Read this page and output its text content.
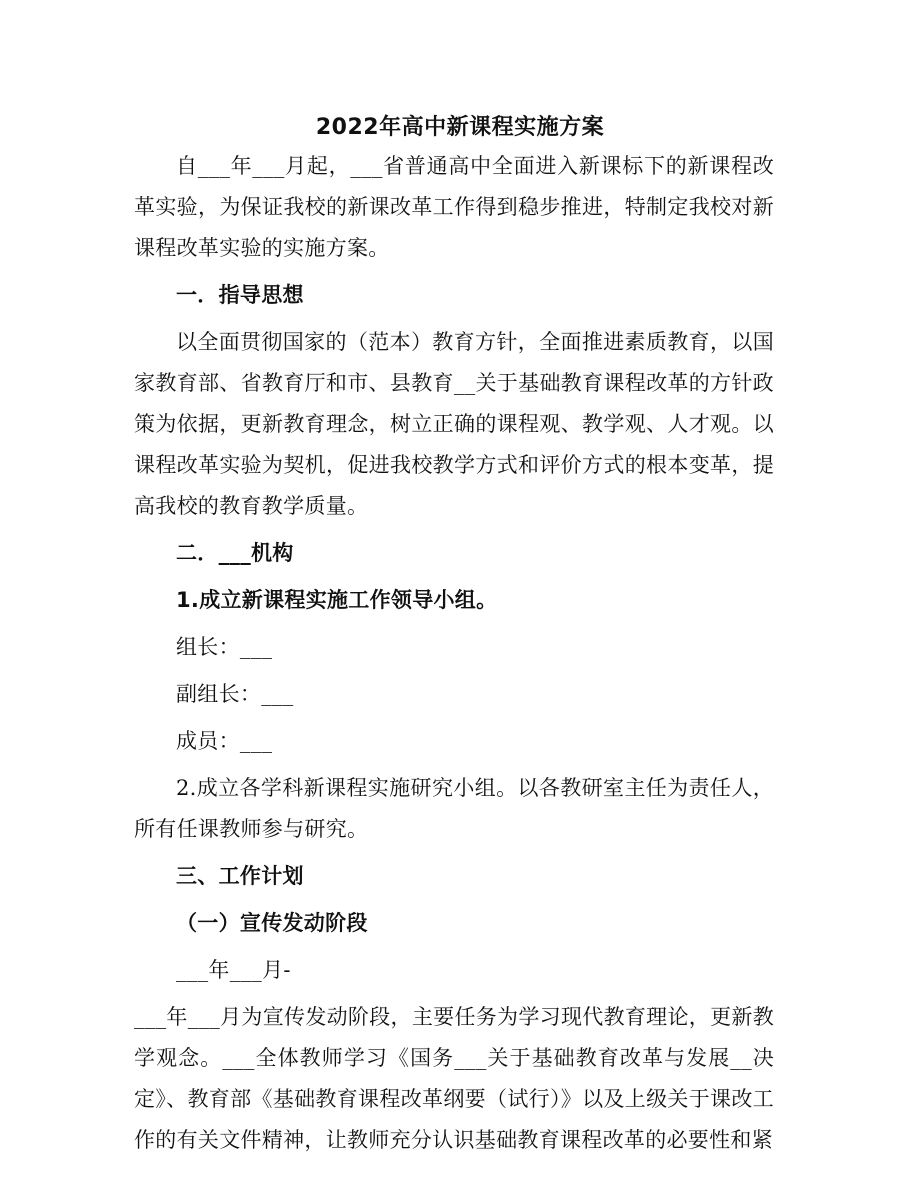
2022年高中新课程实施方案

自___年___月起，___省普通高中全面进入新课标下的新课程改革实验，为保证我校的新课改革工作得到稳步推进，特制定我校对新课程改革实验的实施方案。

一．指导思想

以全面贯彻国家的（范本）教育方针，全面推进素质教育，以国家教育部、省教育厅和市、县教育__关于基础教育课程改革的方针政策为依据，更新教育理念，树立正确的课程观、教学观、人才观。以课程改革实验为契机，促进我校教学方式和评价方式的根本变革，提高我校的教育教学质量。

二．___机构

1.成立新课程实施工作领导小组。

组长：___

副组长：___

成员：___

2.成立各学科新课程实施研究小组。以各教研室主任为责任人，所有任课教师参与研究。

三、工作计划

（一）宣传发动阶段

___年___月-

___年___月为宣传发动阶段，主要任务为学习现代教育理论，更新教学观念。___全体教师学习《国务___关于基础教育改革与发展__决定》、教育部《基础教育课程改革纲要（试行）》以及上级关于课改工作的有关文件精神，让教师充分认识基础教育课程改革的必要性和紧
